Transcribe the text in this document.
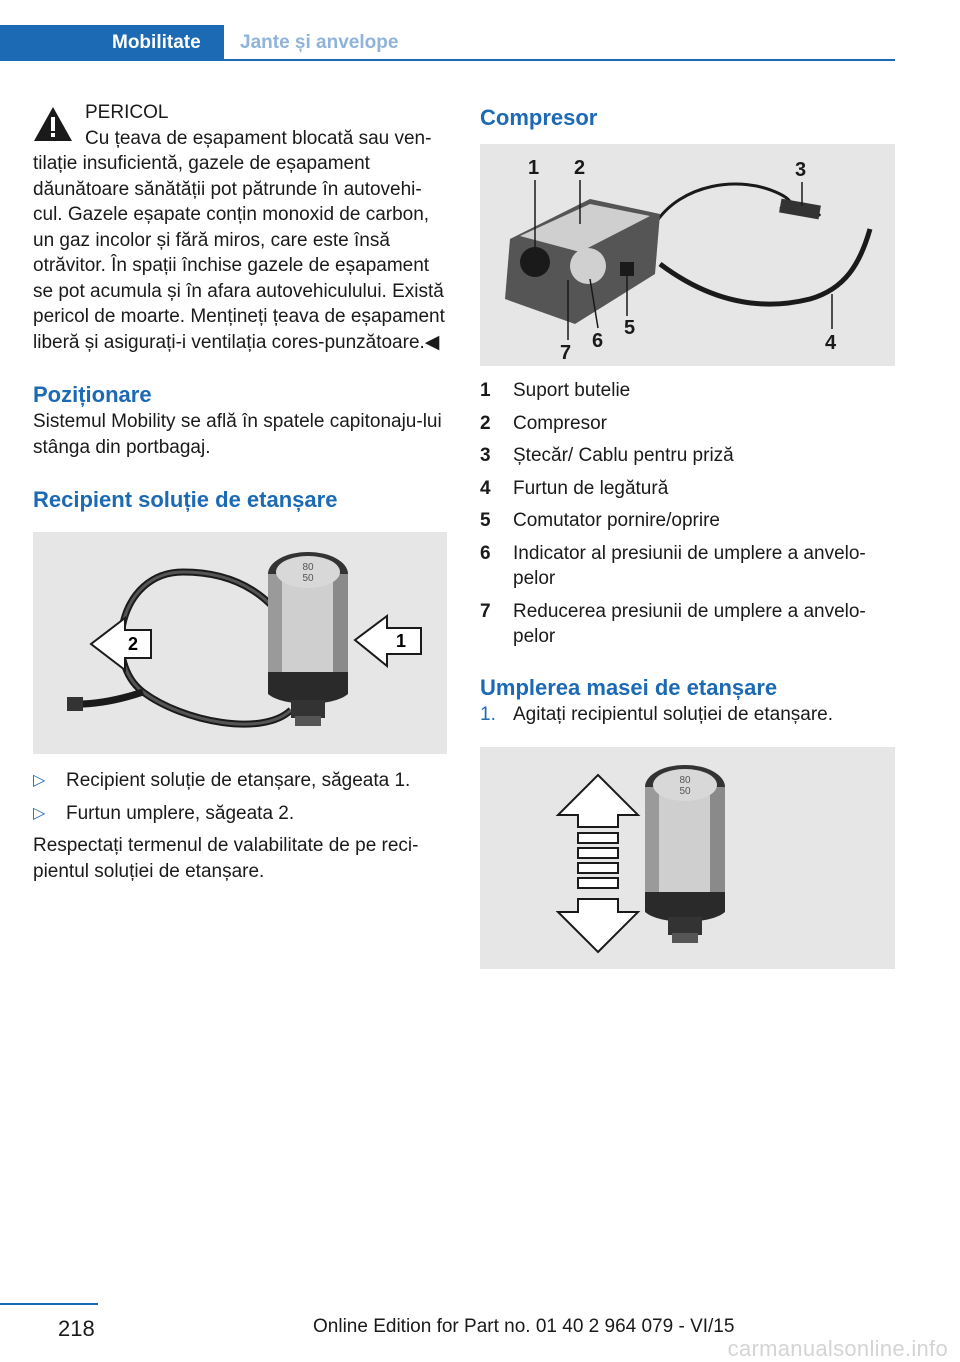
Mobilitate	Jante și anvelope

PERICOL

Cu țeava de eșapament blocată sau ven‐

tilație insuficientă, gazele de eșapament dăunătoare sănătății pot pătrunde în autovehi‐cul. Gazele eșapate conțin monoxid de carbon, un gaz incolor și fără miros, care este însă otrăvitor. În spații închise gazele de eșapament se pot acumula și în afara autovehiculului. Există pericol de moarte. Mențineți țeava de eșapament liberă și asigurați-i ventilația cores‐punzătoare.◀

Poziționare

Sistemul Mobility se află în spatele capitonaju‐lui stânga din portbagaj.

Recipient soluție de etanșare
80
50
2	1
▷ Recipient soluție de etanșare, săgeata 1.
▷ Furtun umplere, săgeata 2.

Respectați termenul de valabilitate de pe reci‐pientul soluției de etanșare.

Compresor
1 2	3
4
5
6
7
1	Suport butelie
2	Compresor
3	Ștecăr/ Cablu pentru priză
4	Furtun de legătură
5	Comutator pornire/oprire
6	Indicator al presiunii de umplere a anvelo‐pelor
7	Reducerea presiunii de umplere a anvelo‐pelor
Umplerea masei de etanșare
1. Agitați recipientul soluției de etanșare.
80
50
218	Online Edition for Part no. 01 40 2 964 079 - VI/15
carmanualsonline.info
